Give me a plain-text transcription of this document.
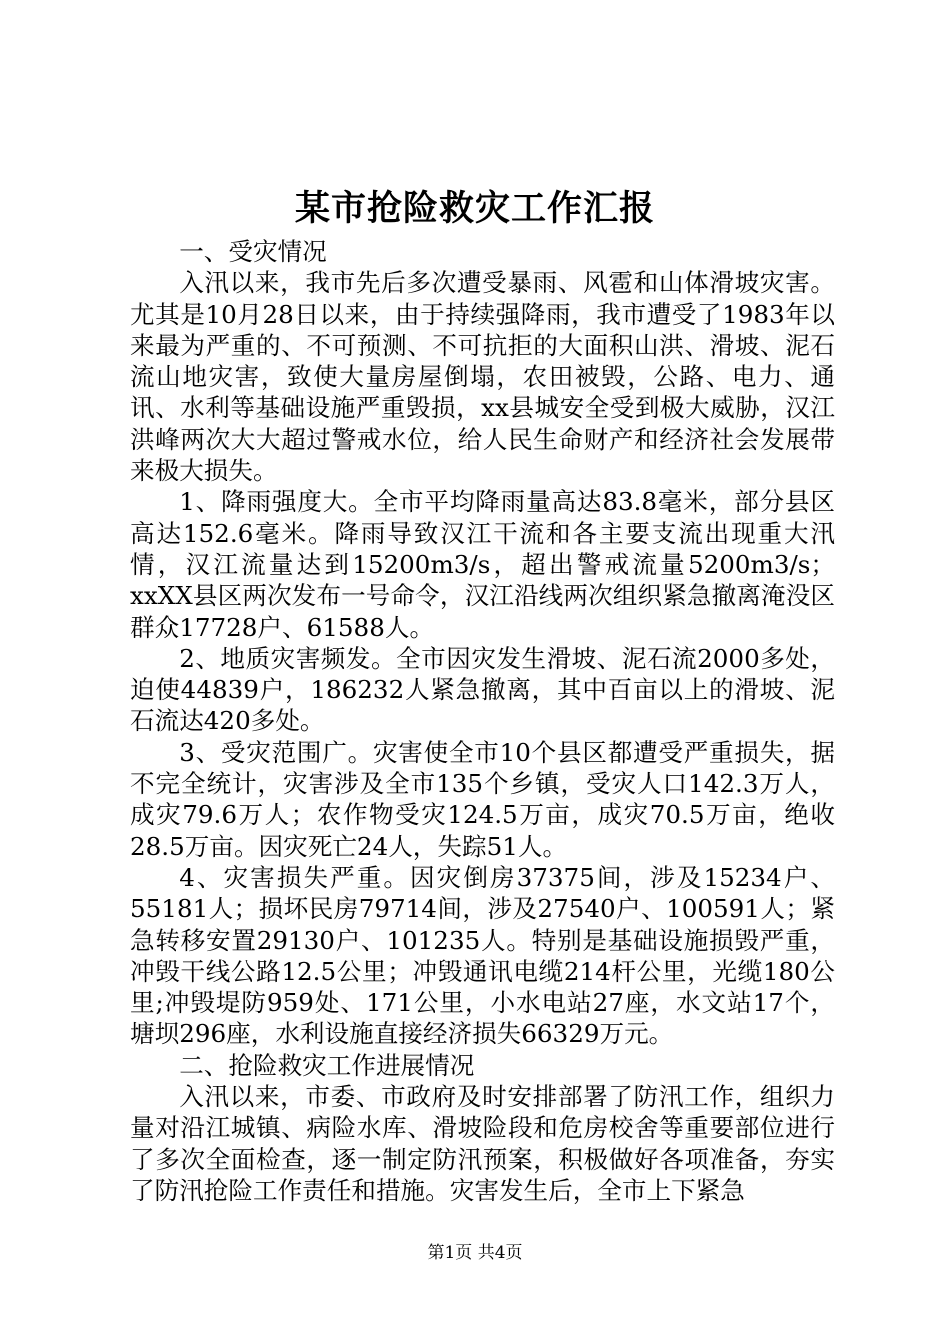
某市抢险救灾工作汇报

一、受灾情况

入汛以来，我市先后多次遭受暴雨、风雹和山体滑坡灾害。尤其是10月28日以来，由于持续强降雨，我市遭受了1983年以来最为严重的、不可预测、不可抗拒的大面积山洪、滑坡、泥石流山地灾害，致使大量房屋倒塌，农田被毁，公路、电力、通讯、水利等基础设施严重毁损，xx县城安全受到极大威胁，汉江洪峰两次大大超过警戒水位，给人民生命财产和经济社会发展带来极大损失。

1、降雨强度大。全市平均降雨量高达83.8毫米，部分县区高达152.6毫米。降雨导致汉江干流和各主要支流出现重大汛情，汉江流量达到15200m3/s，超出警戒流量5200m3/s；xxXX县区两次发布一号命令，汉江沿线两次组织紧急撤离淹没区群众17728户、61588人。

2、地质灾害频发。全市因灾发生滑坡、泥石流2000多处，迫使44839户，186232人紧急撤离，其中百亩以上的滑坡、泥石流达420多处。

3、受灾范围广。灾害使全市10个县区都遭受严重损失，据不完全统计，灾害涉及全市135个乡镇，受灾人口142.3万人，成灾79.6万人；农作物受灾124.5万亩，成灾70.5万亩，绝收28.5万亩。因灾死亡24人，失踪51人。

4、灾害损失严重。因灾倒房37375间，涉及15234户、55181人；损坏民房79714间，涉及27540户、100591人；紧急转移安置29130户、101235人。特别是基础设施损毁严重，冲毁干线公路12.5公里；冲毁通讯电缆214杆公里，光缆180公里;冲毁堤防959处、171公里，小水电站27座，水文站17个，塘坝296座，水利设施直接经济损失66329万元。

二、抢险救灾工作进展情况

入汛以来，市委、市政府及时安排部署了防汛工作，组织力量对沿江城镇、病险水库、滑坡险段和危房校舍等重要部位进行了多次全面检查，逐一制定防汛预案，积极做好各项准备，夯实了防汛抢险工作责任和措施。灾害发生后，全市上下紧急

第1页 共4页
